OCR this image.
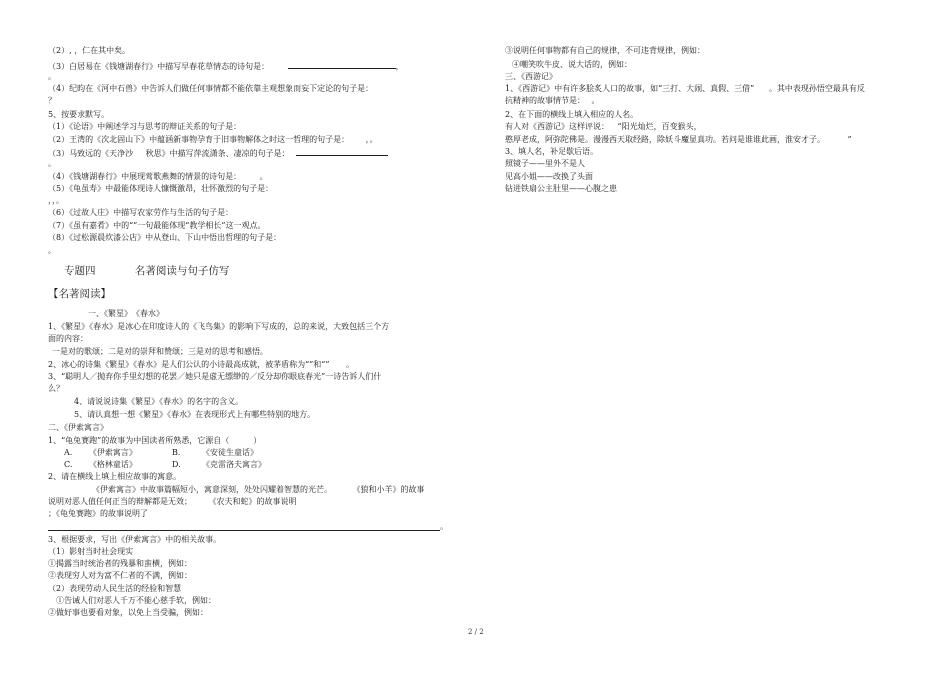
（2）, ，仁在其中矣。
（3）白居易在《钱塘湖春行》中描写早春花草情态的诗句是：	，
。
（4）纪昀在《河中石兽》中告诉人们做任何事情都不能依靠主观想象而妄下定论的句子是：
？
5、按要求默写。
（1）《论语》中阐述学习与思考的辩证关系的句子是：
（2）王湾的《次北固山下》中蕴涵新事物孕育于旧事物解体之时这一哲理的句子是： ，。
（3）马致远的《天净沙 秋思》中描写萍流潇条、凄凉的句子是：
。
（4）《钱塘湖春行》中展现莺歌燕舞的情景的诗句是： 。
（5）《龟虽寿》中最能体现诗人慷慨激昂，壮怀激烈的句子是：
，，。
（6）《过故人庄》中描写农家劳作与生活的句子是：
（7）《虽有嘉肴》中的“”一句最能体现“教学相长”这一观点。
（8）《过松源晨炊漆公店》中从登山、下山中悟出哲理的句子是：
。
专题四	名著阅读与句子仿写
【名著阅读】
一、《繁星》　《春水》
1、《繁星》《春水》是冰心在印度诗人的《飞鸟集》的影响下写成的，总的来说，大致包括三个方
面的内容：
一是对的歌颂；二是对的崇拜和赞颂；三是对的思考和感悟。
2、冰心的诗集《繁星》《春水》是人们公认的小诗最高成就，被茅盾称为“”和“” 。
3、“聪明人／抛弃你手里幻想的花罢／她只是虚无缥缈的／反分却你眼底春光”一诗告诉人们什
么？
4、请说说诗集《繁星》《春水》的名字的含义。
5、请认真想一想《繁星》《春水》在表现形式上有哪些特别的地方。
二、《伊索寓言》
1、“龟兔赛跑”的故事为中国读者所熟悉，它源自（　　　）
A. 《伊索寓言》	B.	《安徒生童话》
C. 《格林童话》	D.	《克雷洛夫寓言》
2、请在横线上填上相应故事的寓意。
《伊索寓言》中故事篇幅短小，寓意深刻，处处闪耀着智慧的光芒。	《狼和小羊》的故事
说明对恶人值任何正当的辩解都是无效； 《农夫和蛇》的故事说明
；《龟兔赛跑》的故事说明了
。
3、根据要求，写出《伊索寓言》中的相关故事。
（1）影射当时社会现实
①揭露当时统治者的残暴和蛮横，例如：
②表现穷人对为富不仁者的不满，例如：
（2）表现劳动人民生活的经验和智慧
①告诫人们对恶人千万不能心慈手软，例如：
②做好事也要看对象，以免上当受骗，例如：
③说明任何事物都有自己的规律，不可违背规律，例如：
④嘲笑吹牛皮、说大话的，例如：
三、《西游记》
1、《西游记》中有许多脍炙人口的故事，如“三打、大闹、真假、三借” 。其中表现孙悟空最具有反
抗精神的故事情节是： 。
2、在下面的横线上填入相应的人名。
有人对《西游记》这样评说： “阳光灿烂，百变猴头，
憨厚老成，阿弥陀佛是。漫漫西天取经路，除妖斗魔显真功。若问是谁谁此画，淮安才子。	”
3、填人名，补足歇后语。
照镜子——里外不是人
见高小姐——改换了头面
钻进铁扇公主肚里——心腹之患
2 / 2
